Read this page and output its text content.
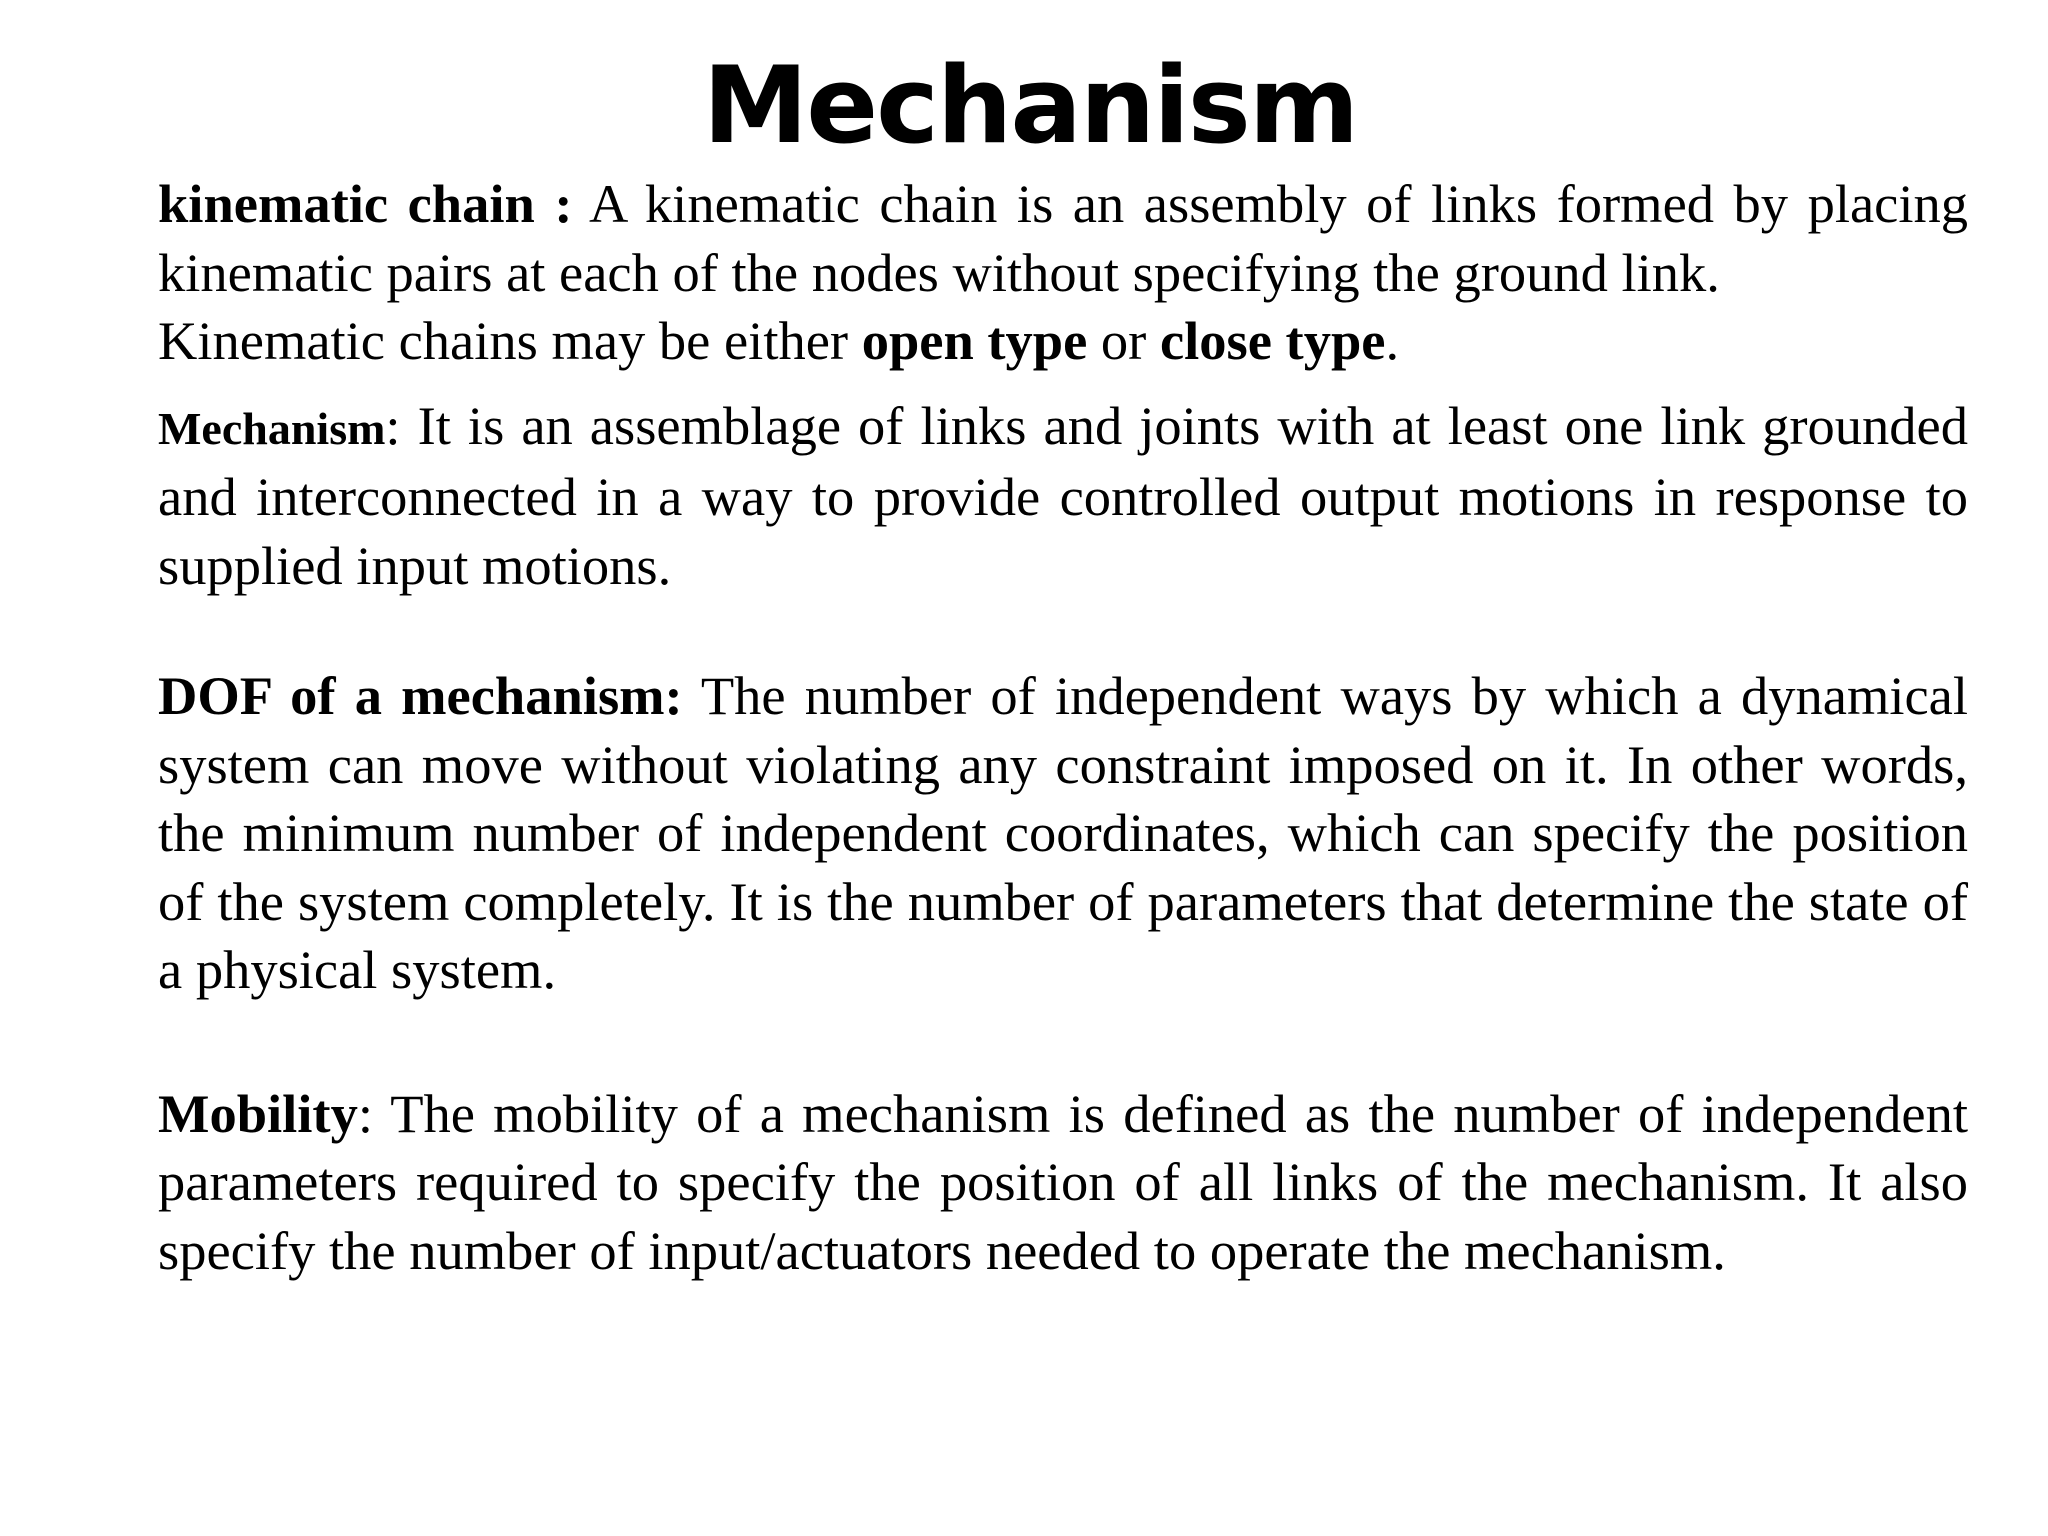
Mechanism

kinematic chain : A kinematic chain is an assembly of links formed by placing kinematic pairs at each of the nodes without specifying the ground link.

Kinematic chains may be either open type or close type.

Mechanism: It is an assemblage of links and joints with at least one link grounded and interconnected in a way to provide controlled output motions in response to supplied input motions.

DOF of a mechanism: The number of independent ways by which a dynamical system can move without violating any constraint imposed on it. In other words, the minimum number of independent coordinates, which can specify the position of the system completely. It is the number of parameters that determine the state of a physical system.

Mobility: The mobility of a mechanism is defined as the number of independent parameters required to specify the position of all links of the mechanism. It also specify the number of input/actuators needed to operate the mechanism.
